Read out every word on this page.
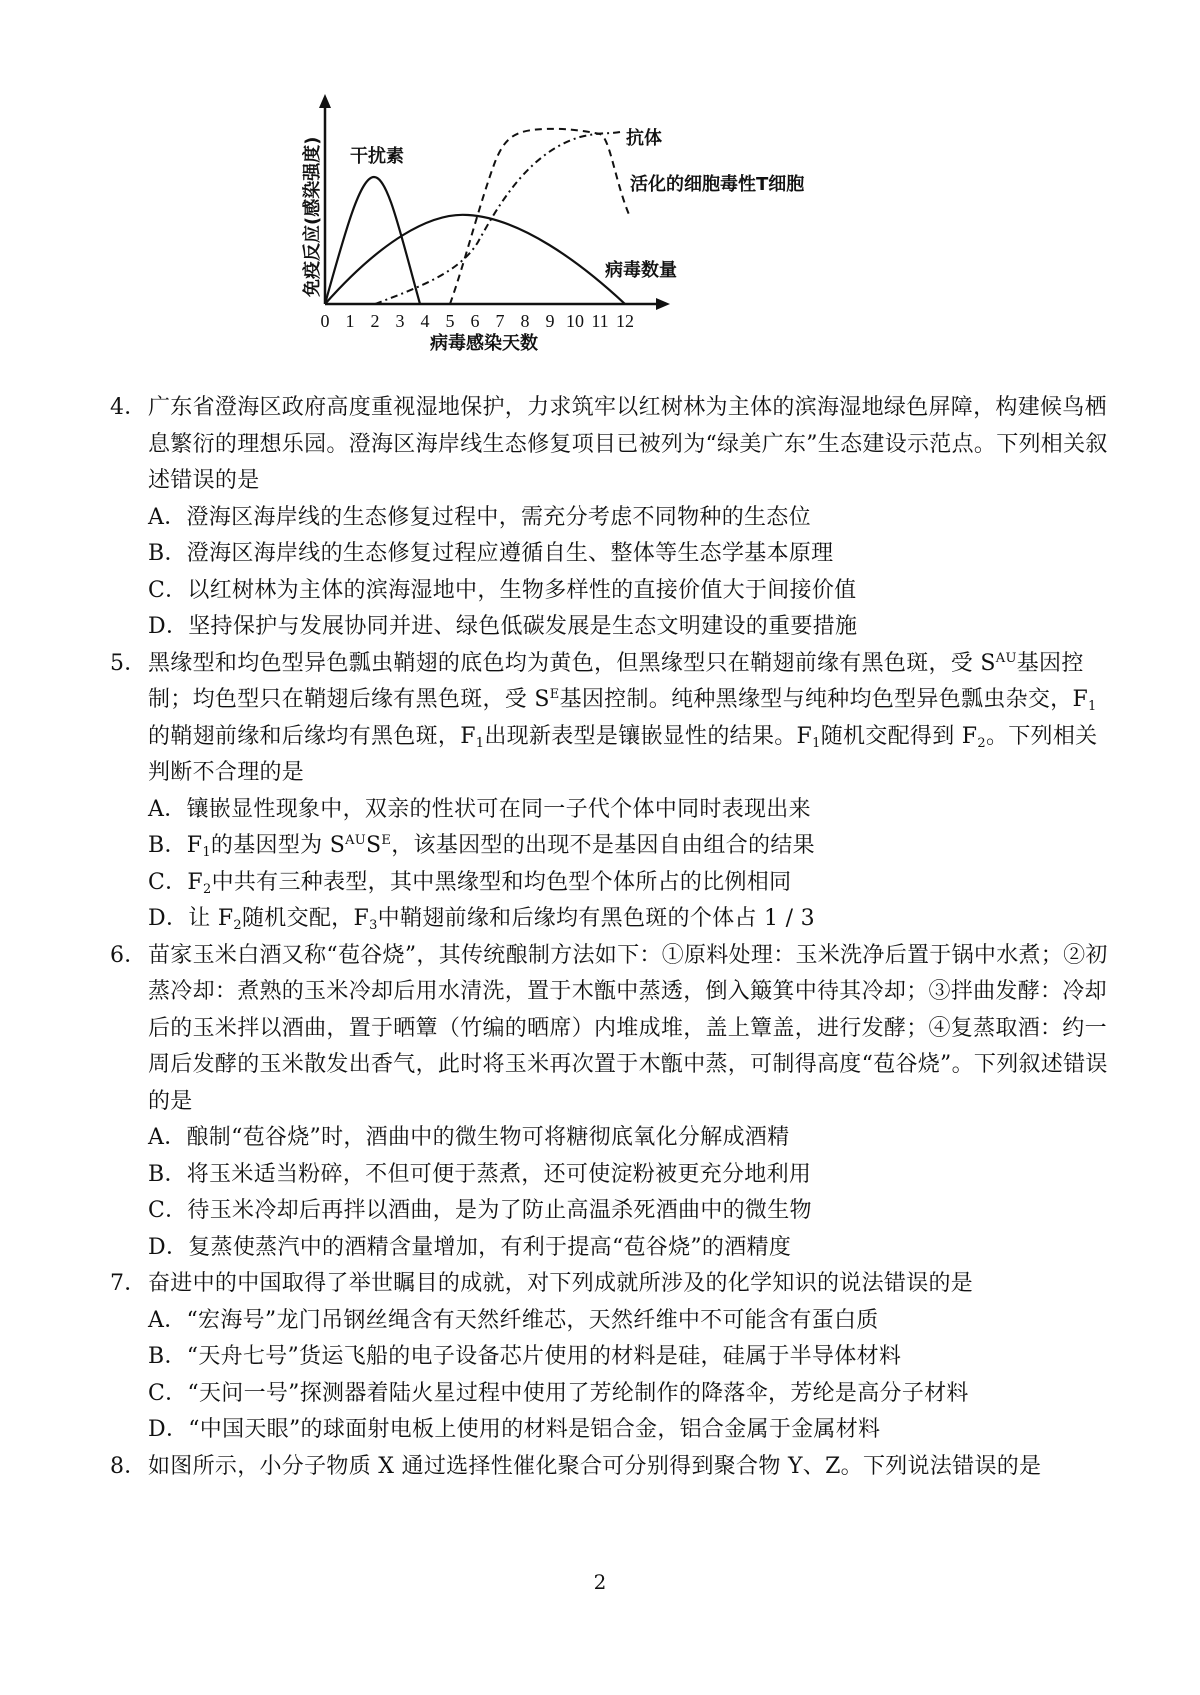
免疫反应(感染强度)
0 1 2 3 4 5 6 7 8 9 10 11 12
病毒感染天数
干扰素
抗体
活化的细胞毒性T细胞
病毒数量
4． 广东省澄海区政府高度重视湿地保护，力求筑牢以红树林为主体的滨海湿地绿色屏障，构建候鸟栖息繁衍的理想乐园。澄海区海岸线生态修复项目已被列为“绿美广东”生态建设示范点。下列相关叙述错误的是
A．澄海区海岸线的生态修复过程中，需充分考虑不同物种的生态位
B．澄海区海岸线的生态修复过程应遵循自生、整体等生态学基本原理
C．以红树林为主体的滨海湿地中，生物多样性的直接价值大于间接价值
D．坚持保护与发展协同并进、绿色低碳发展是生态文明建设的重要措施
5． 黑缘型和均色型异色瓢虫鞘翅的底色均为黄色，但黑缘型只在鞘翅前缘有黑色斑，受 $S^{AU}$基因控制；均色型只在鞘翅后缘有黑色斑，受 $S^E$基因控制。纯种黑缘型与纯种均色型异色瓢虫杂交，$F_1$的鞘翅前缘和后缘均有黑色斑，$F_1$出现新表型是镶嵌显性的结果。$F_1$随机交配得到 $F_2$。下列相关判断不合理的是
A．镶嵌显性现象中，双亲的性状可在同一子代个体中同时表现出来
B．$F_1$的基因型为 $S^{AU}S^E$，该基因型的出现不是基因自由组合的结果
C．$F_2$中共有三种表型，其中黑缘型和均色型个体所占的比例相同
D．让 $F_2$随机交配，$F_3$中鞘翅前缘和后缘均有黑色斑的个体占 1 / 3
6． 苗家玉米白酒又称“苞谷烧”，其传统酿制方法如下：①原料处理：玉米洗净后置于锅中水煮；②初蒸冷却：煮熟的玉米冷却后用水清洗，置于木甑中蒸透，倒入簸箕中待其冷却；③拌曲发酵：冷却后的玉米拌以酒曲，置于晒簟（竹编的晒席）内堆成堆，盖上簟盖，进行发酵；④复蒸取酒：约一周后发酵的玉米散发出香气，此时将玉米再次置于木甑中蒸，可制得高度“苞谷烧”。下列叙述错误的是
A．酿制“苞谷烧”时，酒曲中的微生物可将糖彻底氧化分解成酒精
B．将玉米适当粉碎，不但可便于蒸煮，还可使淀粉被更充分地利用
C．待玉米冷却后再拌以酒曲，是为了防止高温杀死酒曲中的微生物
D．复蒸使蒸汽中的酒精含量增加，有利于提高“苞谷烧”的酒精度
7． 奋进中的中国取得了举世瞩目的成就，对下列成就所涉及的化学知识的说法错误的是
A．“宏海号”龙门吊钢丝绳含有天然纤维芯，天然纤维中不可能含有蛋白质
B．“天舟七号”货运飞船的电子设备芯片使用的材料是硅，硅属于半导体材料
C．“天问一号”探测器着陆火星过程中使用了芳纶制作的降落伞，芳纶是高分子材料
D．“中国天眼”的球面射电板上使用的材料是铝合金，铝合金属于金属材料
8． 如图所示，小分子物质 X 通过选择性催化聚合可分别得到聚合物 Y、Z。下列说法错误的是
2
